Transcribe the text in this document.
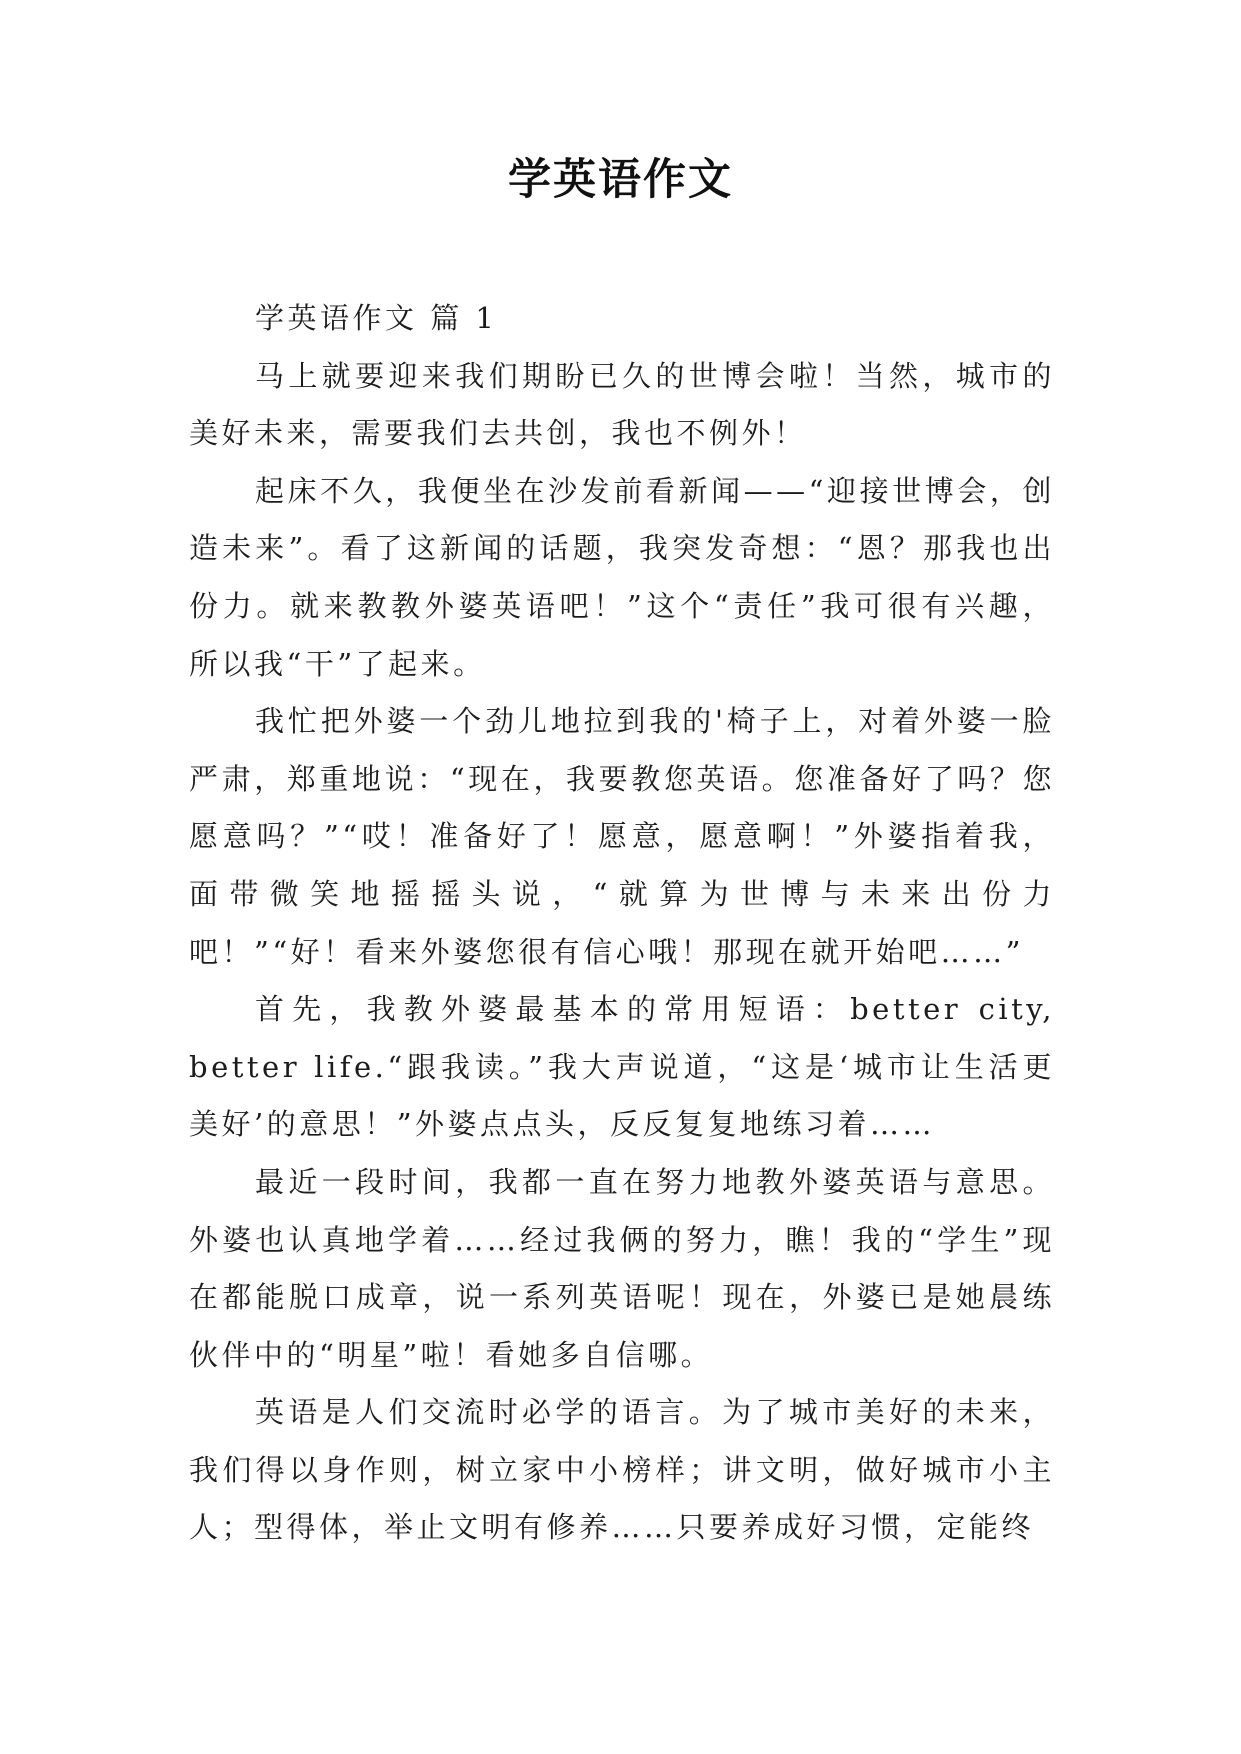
学英语作文

学英语作文 篇 1

马上就要迎来我们期盼已久的世博会啦！当然，城市的美好未来，需要我们去共创，我也不例外！

起床不久，我便坐在沙发前看新闻——“迎接世博会，创造未来”。看了这新闻的话题，我突发奇想：“恩？那我也出份力。就来教教外婆英语吧！”这个“责任”我可很有兴趣，所以我“干”了起来。

我忙把外婆一个劲儿地拉到我的'椅子上，对着外婆一脸严肃，郑重地说：“现在，我要教您英语。您准备好了吗？您愿意吗？”“哎！准备好了！愿意，愿意啊！”外婆指着我，面带微笑地摇摇头说，“就算为世博与未来出份力吧！”“好！看来外婆您很有信心哦！那现在就开始吧……”

首先，我教外婆最基本的常用短语：better city, better life.“跟我读。”我大声说道，“这是‘城市让生活更美好’的意思！”外婆点点头，反反复复地练习着……

最近一段时间，我都一直在努力地教外婆英语与意思。外婆也认真地学着……经过我俩的努力，瞧！我的“学生”现在都能脱口成章，说一系列英语呢！现在，外婆已是她晨练伙伴中的“明星”啦！看她多自信哪。

英语是人们交流时必学的语言。为了城市美好的未来，我们得以身作则，树立家中小榜样；讲文明，做好城市小主人；型得体，举止文明有修养……只要养成好习惯，定能终
